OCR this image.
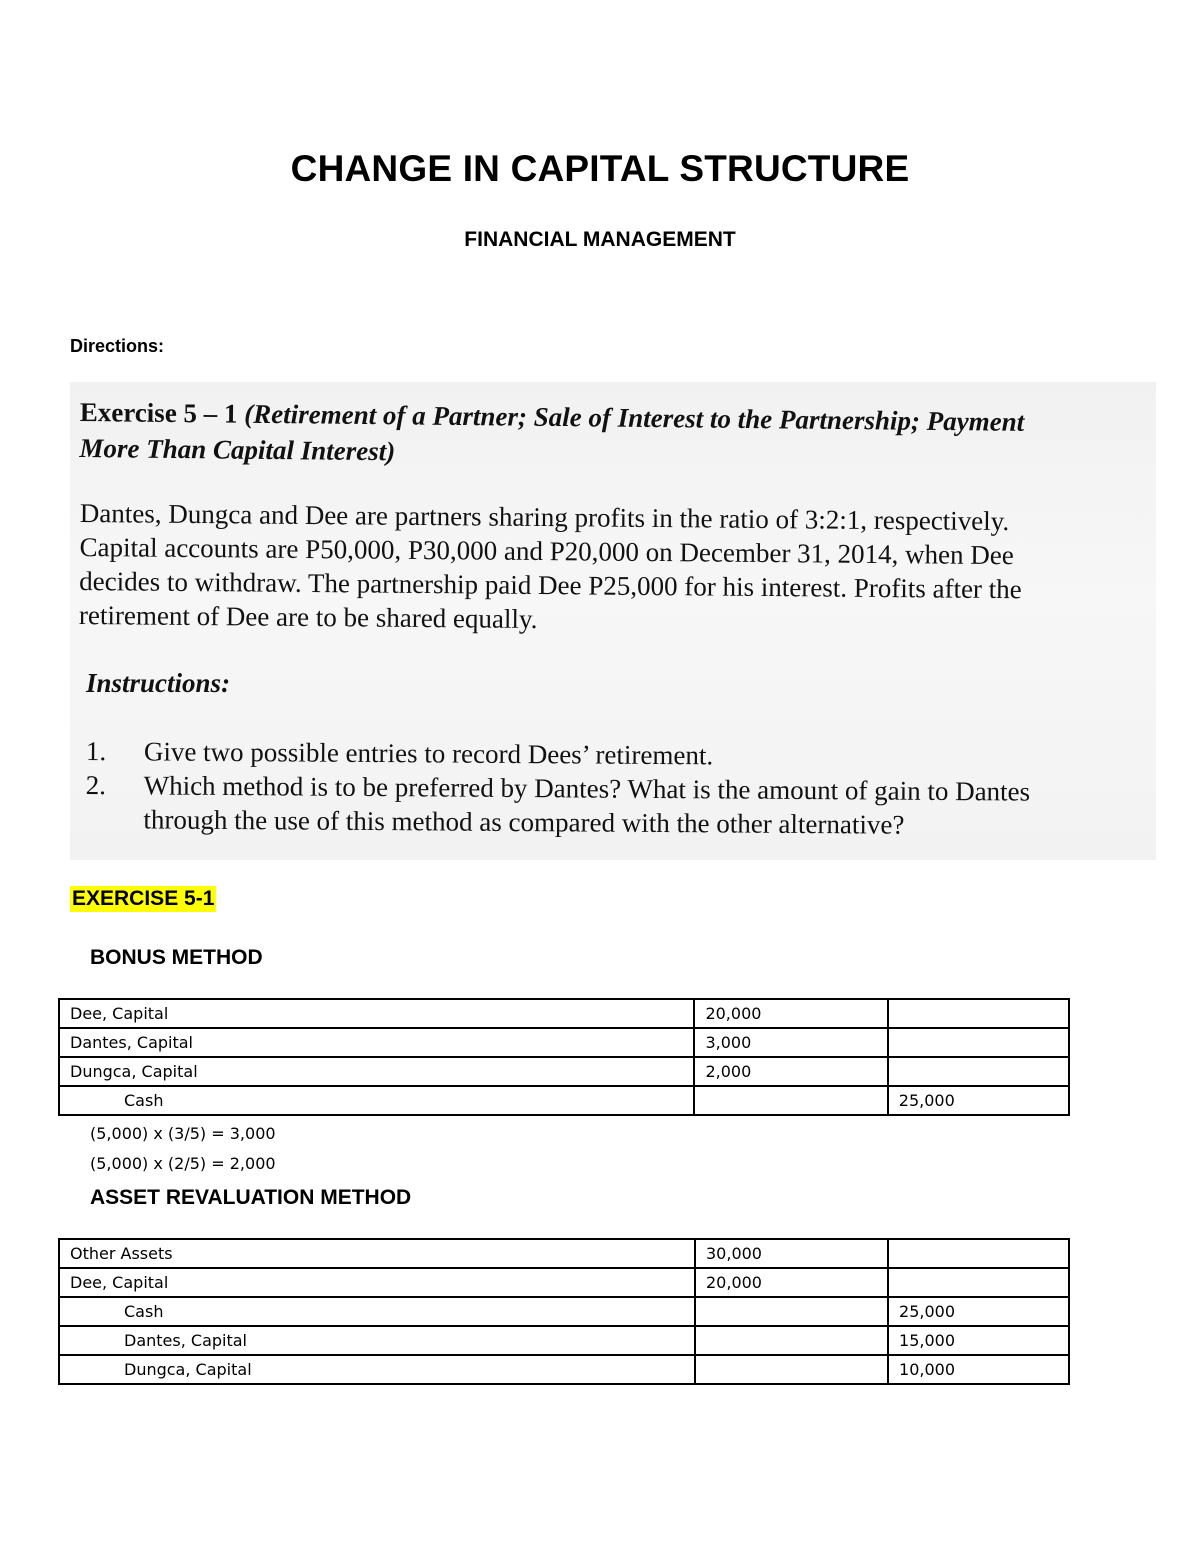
CHANGE IN CAPITAL STRUCTURE
FINANCIAL MANAGEMENT
Directions:
Exercise 5 – 1 (Retirement of a Partner; Sale of Interest to the Partnership; Payment
More Than Capital Interest)
Dantes, Dungca and Dee are partners sharing profits in the ratio of 3:2:1, respectively.
Capital accounts are P50,000, P30,000 and P20,000 on December 31, 2014, when Dee
decides to withdraw. The partnership paid Dee P25,000 for his interest. Profits after the
retirement of Dee are to be shared equally.
Instructions:
1. Give two possible entries to record Dees’ retirement.
2. Which method is to be preferred by Dantes? What is the amount of gain to Dantes
through the use of this method as compared with the other alternative?
EXERCISE 5-1
BONUS METHOD
Dee, Capital	20,000	
Dantes, Capital	3,000	
Dungca, Capital	2,000	
Cash		25,000
(5,000) x (3/5) = 3,000
(5,000) x (2/5) = 2,000
ASSET REVALUATION METHOD
Other Assets	30,000	
Dee, Capital	20,000	
Cash		25,000
Dantes, Capital		15,000
Dungca, Capital		10,000
